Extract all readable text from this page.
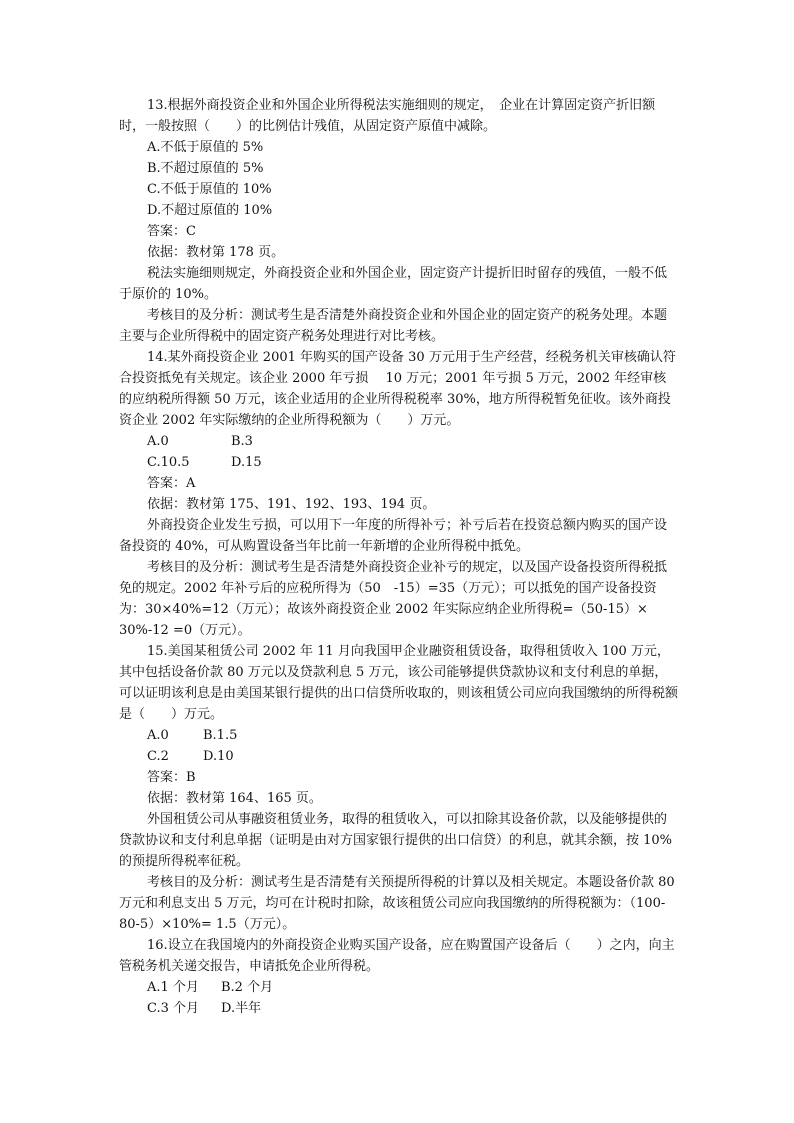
13.根据外商投资企业和外国企业所得税法实施细则的规定，　企业在计算固定资产折旧额时，一般按照（　　）的比例估计残值，从固定资产原值中减除。

A.不低于原值的 5%

B.不超过原值的 5%

C.不低于原值的 10%

D.不超过原值的 10%

答案：C

依据：教材第 178 页。

税法实施细则规定，外商投资企业和外国企业，固定资产计提折旧时留存的残值，一般不低于原价的 10%。

考核目的及分析：测试考生是否清楚外商投资企业和外国企业的固定资产的税务处理。本题主要与企业所得税中的固定资产税务处理进行对比考核。

14.某外商投资企业 2001 年购买的国产设备 30 万元用于生产经营，经税务机关审核确认符合投资抵免有关规定。该企业 2000 年亏损　 10 万元；2001 年亏损 5 万元，2002 年经审核的应纳税所得额 50 万元，该企业适用的企业所得税税率 30%，地方所得税暂免征收。该外商投资企业 2002 年实际缴纳的企业所得税额为（　　）万元。

A.0	B.3
C.10.5	D.15

答案：A

依据：教材第 175、191、192、193、194 页。

外商投资企业发生亏损，可以用下一年度的所得补亏；补亏后若在投资总额内购买的国产设备投资的 40%，可从购置设备当年比前一年新增的企业所得税中抵免。

考核目的及分析：测试考生是否清楚外商投资企业补亏的规定，以及国产设备投资所得税抵免的规定。2002 年补亏后的应税所得为（50　-15）=35（万元）；可以抵免的国产设备投资为：30×40%=12（万元）；故该外商投资企业 2002 年实际应纳企业所得税=（50-15）× 30%-12 =0（万元）。

15.美国某租赁公司 2002 年 11 月向我国甲企业融资租赁设备，取得租赁收入 100 万元，其中包括设备价款 80 万元以及贷款利息 5 万元，该公司能够提供贷款协议和支付利息的单据，可以证明该利息是由美国某银行提供的出口信贷所收取的，则该租赁公司应向我国缴纳的所得税额是（　　）万元。

A.0	B.1.5
C.2	D.10

答案：B

依据：教材第 164、165 页。

外国租赁公司从事融资租赁业务，取得的租赁收入，可以扣除其设备价款，以及能够提供的贷款协议和支付利息单据（证明是由对方国家银行提供的出口信贷）的利息，就其余额，按 10%的预提所得税率征税。

考核目的及分析：测试考生是否清楚有关预提所得税的计算以及相关规定。本题设备价款 80 万元和利息支出 5 万元，均可在计税时扣除，故该租赁公司应向我国缴纳的所得税额为：（100-80-5）×10%= 1.5（万元）。

16.设立在我国境内的外商投资企业购买国产设备，应在购置国产设备后（　　）之内，向主管税务机关递交报告，申请抵免企业所得税。

A.1 个月	B.2 个月
C.3 个月	D.半年
